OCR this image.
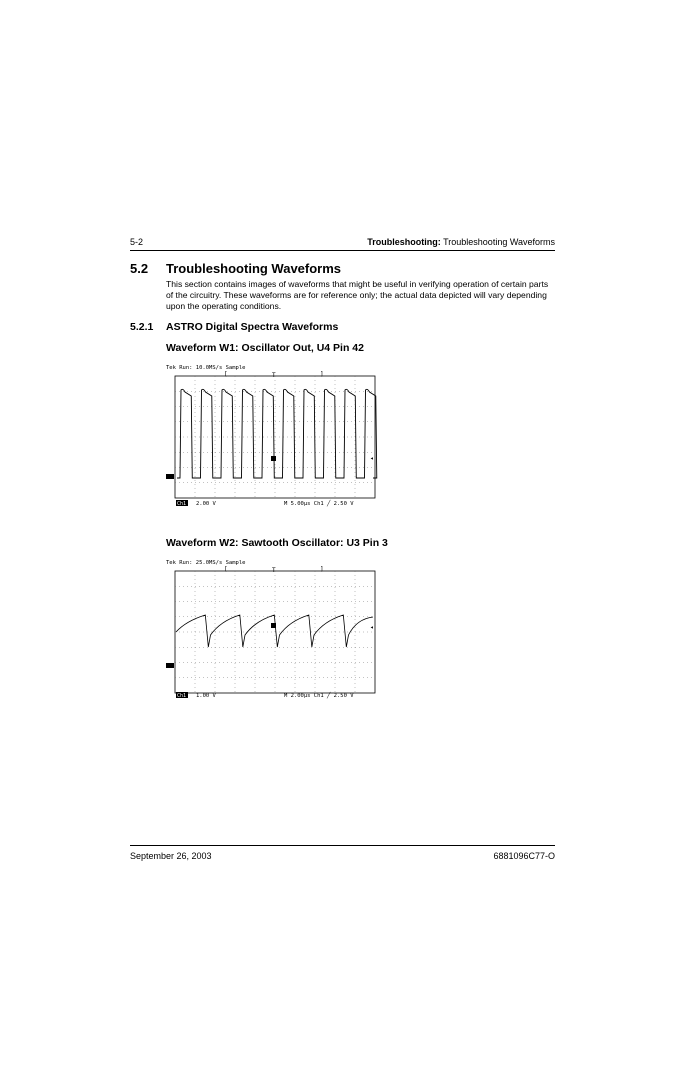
5-2	Troubleshooting: Troubleshooting Waveforms
5.2 Troubleshooting Waveforms
This section contains images of waveforms that might be useful in verifying operation of certain parts of the circuitry. These waveforms are for reference only; the actual data depicted will vary depending upon the operating conditions.
5.2.1 ASTRO Digital Spectra Waveforms
Waveform W1: Oscillator Out, U4 Pin 42
Tek Run: 10.0MS/s Sample
[	T	]
◂
Ch1 2.00 V	M 5.00µs Ch1 ╱ 2.50 V
Waveform W2: Sawtooth Oscillator: U3 Pin 3
Tek Run: 25.0MS/s Sample
[	T	]
◂
Ch1 1.00 V	M 2.00µs Ch1 ╱ 2.50 V
September 26, 2003	6881096C77-O
